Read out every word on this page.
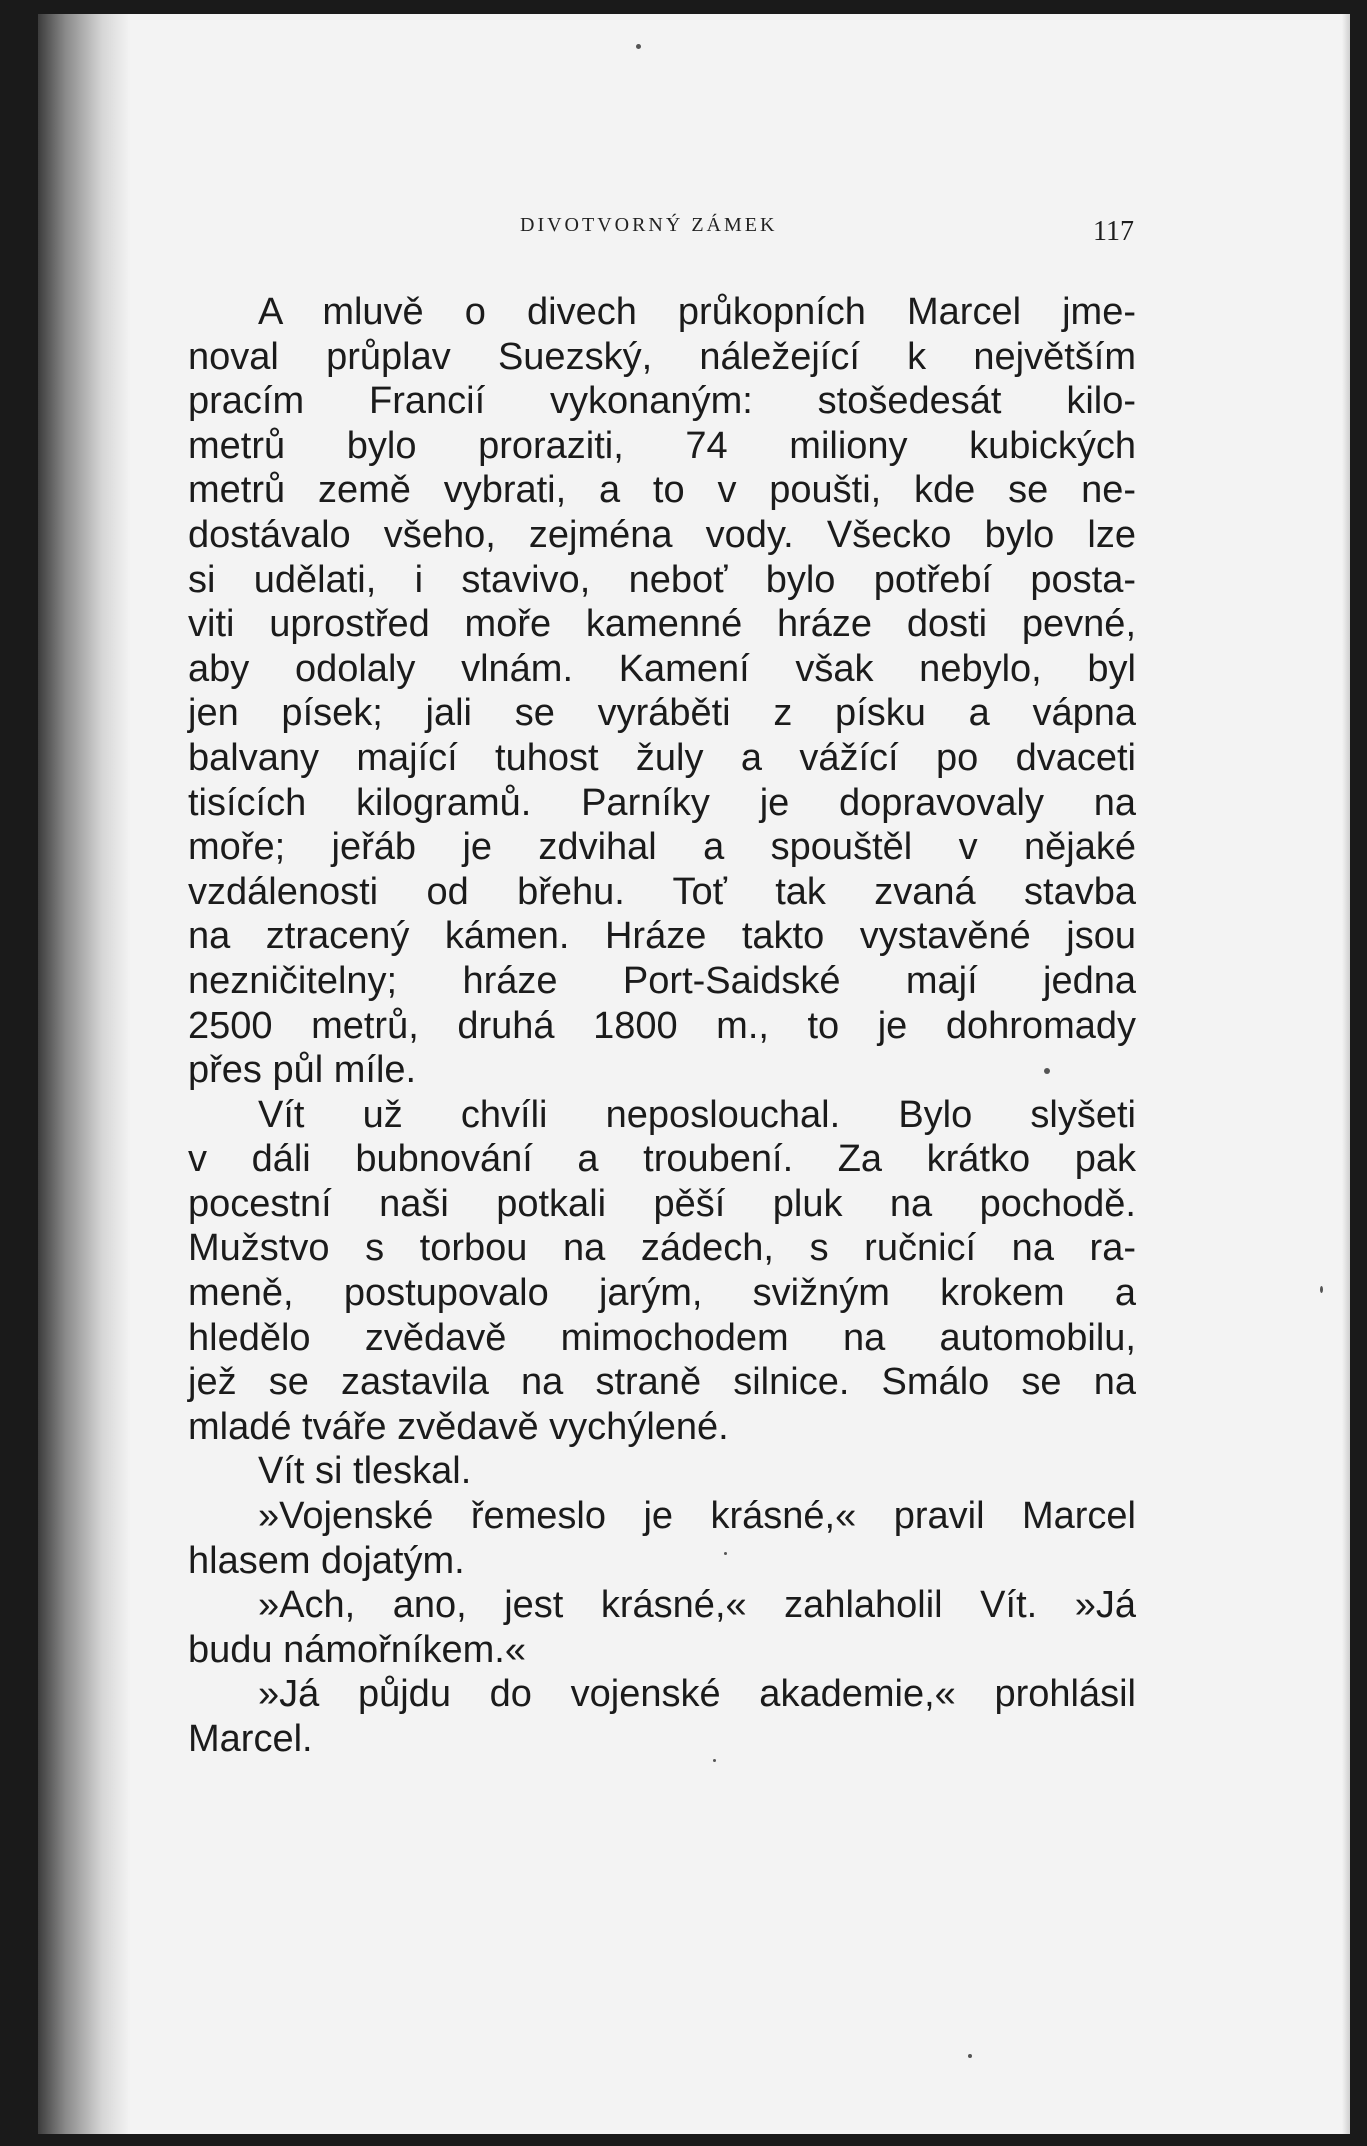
DIVOTVORNÝ ZÁMEK	117
A mluvě o divech průkopních Marcel jme-
noval průplav Suezský, náležející k největším
pracím Francií vykonaným: stošedesát kilo-
metrů bylo proraziti, 74 miliony kubických
metrů země vybrati, a to v poušti, kde se ne-
dostávalo všeho, zejména vody. Všecko bylo lze
si udělati, i stavivo, neboť bylo potřebí posta-
viti uprostřed moře kamenné hráze dosti pevné,
aby odolaly vlnám. Kamení však nebylo, byl
jen písek; jali se vyráběti z písku a vápna
balvany mající tuhost žuly a vážící po dvaceti
tisících kilogramů. Parníky je dopravovaly na
moře; jeřáb je zdvihal a spouštěl v nějaké
vzdálenosti od břehu. Toť tak zvaná stavba
na ztracený kámen. Hráze takto vystavěné jsou
nezničitelny; hráze Port-Saidské mají jedna
2500 metrů, druhá 1800 m., to je dohromady
přes půl míle.
Vít už chvíli neposlouchal. Bylo slyšeti
v dáli bubnování a troubení. Za krátko pak
pocestní naši potkali pěší pluk na pochodě.
Mužstvo s torbou na zádech, s ručnicí na ra-
meně, postupovalo jarým, svižným krokem a
hledělo zvědavě mimochodem na automobilu,
jež se zastavila na straně silnice. Smálo se na
mladé tváře zvědavě vychýlené.
Vít si tleskal.
»Vojenské řemeslo je krásné,« pravil Marcel
hlasem dojatým.
»Ach, ano, jest krásné,« zahlaholil Vít. »Já
budu námořníkem.«
»Já půjdu do vojenské akademie,« prohlásil
Marcel.
